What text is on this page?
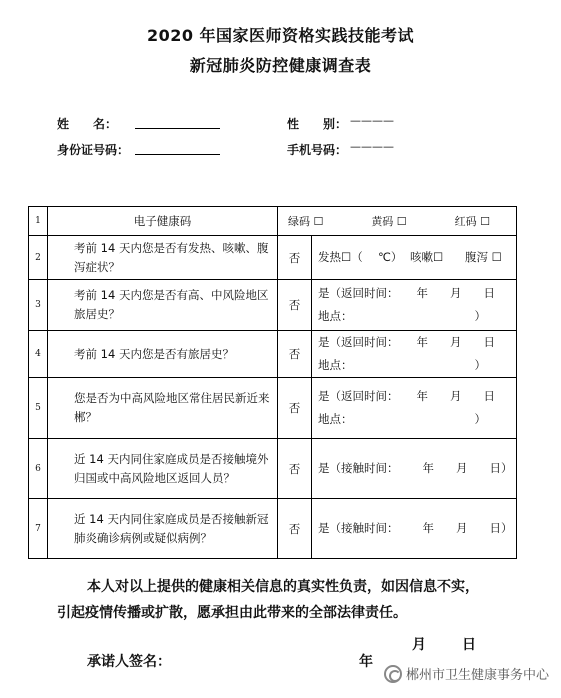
2020 年国家医师资格实践技能考试
新冠肺炎防控健康调查表
姓　　名：	性　　别： ————
身份证号码：	手机号码： ————
1	电子健康码	绿码 ☐ 黄码 ☐ 红码 ☐	

2	考前 14 天内您是否有发热、咳嗽、腹泻症状？	否	发热☐（　 ℃） 咳嗽☐ 腹泻 ☐
3	考前 14 天内您是否有高、中风险地区旅居史？	否	是（返回时间： 年 月 日
地点： ）

4	考前 14 天内您是否有旅居史？	否	是（返回时间： 年 月 日
地点： ）

5	您是否为中高风险地区常住居民新近来郴？	否	是（返回时间： 年 月 日
地点： ）

6	近 14 天内同住家庭成员是否接触境外归国或中高风险地区返回人员？	否	是（接触时间： 年 月 日）

7	近 14 天内同住家庭成员是否接触新冠肺炎确诊病例或疑似病例？	否	是（接触时间： 年 月 日）
本人对以上提供的健康相关信息的真实性负责，如因信息不实，
引起疫情传播或扩散，愿承担由此带来的全部法律责任。
承诺人签名：	年
月	日
郴州市卫生健康事务中心
